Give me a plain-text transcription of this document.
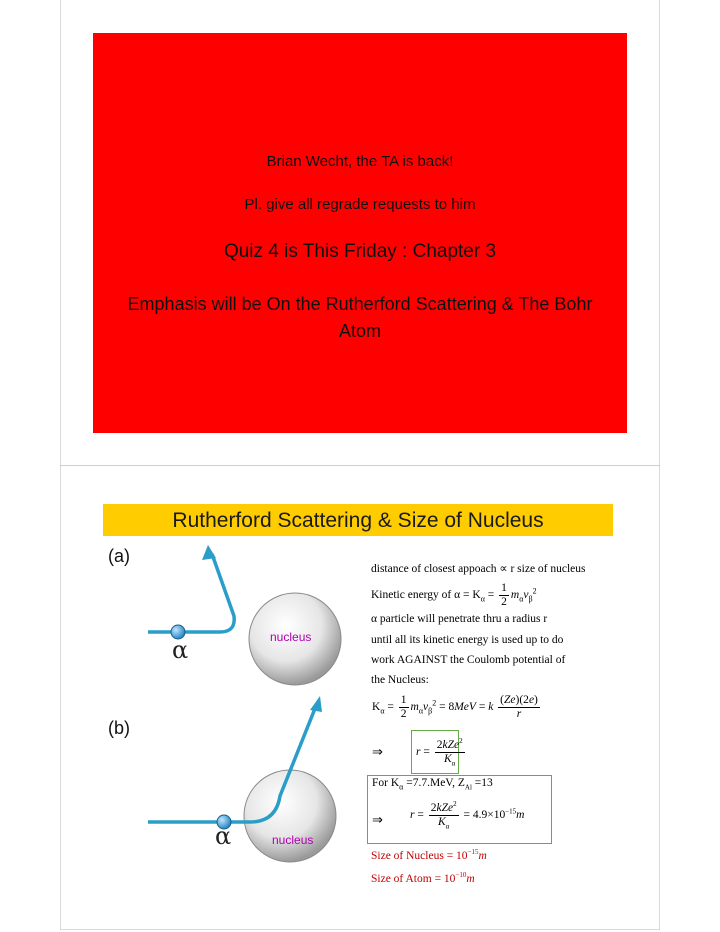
Brian Wecht, the TA is back!
Pl. give all regrade requests to him
Quiz 4 is This Friday : Chapter 3
Emphasis will be On the Rutherford Scattering & The Bohr Atom
Rutherford Scattering & Size of Nucleus
(a)
(b)
nucleus
α
nucleus
α
distance of closest appoach ∝ r size of nucleus
Kinetic energy of $\alpha = K_\alpha = \frac{1}{2} m_\alpha v_\beta^2$
α particle will penetrate thru a radius r
until all its kinetic energy is used up to do
work AGAINST the Coulomb potential of
the Nucleus:
$K_\alpha = \frac{1}{2} m_\alpha v_\beta^2 = 8MeV = k \frac{(Ze)(2e)}{r}$
⇒	$r = \frac{2kZe^2}{K_\alpha}$
For $K_\alpha =7.7.MeV$, $Z_{Al} =13$
⇒ $r = \frac{2kZe^2}{K_\alpha} = 4.9\times 10^{-15}m$
Size of Nucleus = $10^{-15}m$
Size of Atom = $10^{-10}m$
